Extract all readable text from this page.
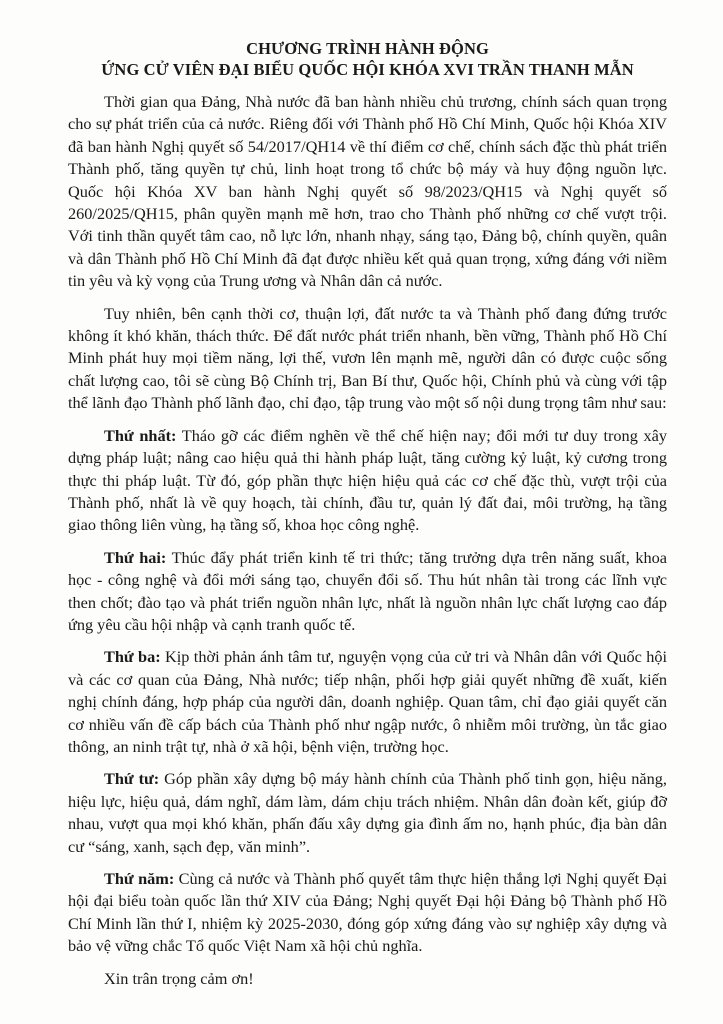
CHƯƠNG TRÌNH HÀNH ĐỘNG

ỨNG CỬ VIÊN ĐẠI BIỂU QUỐC HỘI KHÓA XVI TRẦN THANH MẪN

Thời gian qua Đảng, Nhà nước đã ban hành nhiều chủ trương, chính sách quan trọng cho sự phát triển của cả nước. Riêng đối với Thành phố Hồ Chí Minh, Quốc hội Khóa XIV đã ban hành Nghị quyết số 54/2017/QH14 về thí điểm cơ chế, chính sách đặc thù phát triển Thành phố, tăng quyền tự chủ, linh hoạt trong tổ chức bộ máy và huy động nguồn lực. Quốc hội Khóa XV ban hành Nghị quyết số 98/2023/QH15 và Nghị quyết số 260/2025/QH15, phân quyền mạnh mẽ hơn, trao cho Thành phố những cơ chế vượt trội. Với tinh thần quyết tâm cao, nỗ lực lớn, nhanh nhạy, sáng tạo, Đảng bộ, chính quyền, quân và dân Thành phố Hồ Chí Minh đã đạt được nhiều kết quả quan trọng, xứng đáng với niềm tin yêu và kỳ vọng của Trung ương và Nhân dân cả nước.

Tuy nhiên, bên cạnh thời cơ, thuận lợi, đất nước ta và Thành phố đang đứng trước không ít khó khăn, thách thức. Để đất nước phát triển nhanh, bền vững, Thành phố Hồ Chí Minh phát huy mọi tiềm năng, lợi thế, vươn lên mạnh mẽ, người dân có được cuộc sống chất lượng cao, tôi sẽ cùng Bộ Chính trị, Ban Bí thư, Quốc hội, Chính phủ và cùng với tập thể lãnh đạo Thành phố lãnh đạo, chỉ đạo, tập trung vào một số nội dung trọng tâm như sau:

Thứ nhất: Tháo gỡ các điểm nghẽn về thể chế hiện nay; đổi mới tư duy trong xây dựng pháp luật; nâng cao hiệu quả thi hành pháp luật, tăng cường kỷ luật, kỷ cương trong thực thi pháp luật. Từ đó, góp phần thực hiện hiệu quả các cơ chế đặc thù, vượt trội của Thành phố, nhất là về quy hoạch, tài chính, đầu tư, quản lý đất đai, môi trường, hạ tầng giao thông liên vùng, hạ tầng số, khoa học công nghệ.

Thứ hai: Thúc đẩy phát triển kinh tế tri thức; tăng trưởng dựa trên năng suất, khoa học - công nghệ và đổi mới sáng tạo, chuyển đổi số. Thu hút nhân tài trong các lĩnh vực then chốt; đào tạo và phát triển nguồn nhân lực, nhất là nguồn nhân lực chất lượng cao đáp ứng yêu cầu hội nhập và cạnh tranh quốc tế.

Thứ ba: Kịp thời phản ánh tâm tư, nguyện vọng của cử tri và Nhân dân với Quốc hội và các cơ quan của Đảng, Nhà nước; tiếp nhận, phối hợp giải quyết những đề xuất, kiến nghị chính đáng, hợp pháp của người dân, doanh nghiệp. Quan tâm, chỉ đạo giải quyết căn cơ nhiều vấn đề cấp bách của Thành phố như ngập nước, ô nhiễm môi trường, ùn tắc giao thông, an ninh trật tự, nhà ở xã hội, bệnh viện, trường học.

Thứ tư: Góp phần xây dựng bộ máy hành chính của Thành phố tinh gọn, hiệu năng, hiệu lực, hiệu quả, dám nghĩ, dám làm, dám chịu trách nhiệm. Nhân dân đoàn kết, giúp đỡ nhau, vượt qua mọi khó khăn, phấn đấu xây dựng gia đình ấm no, hạnh phúc, địa bàn dân cư “sáng, xanh, sạch đẹp, văn minh”.

Thứ năm: Cùng cả nước và Thành phố quyết tâm thực hiện thắng lợi Nghị quyết Đại hội đại biểu toàn quốc lần thứ XIV của Đảng; Nghị quyết Đại hội Đảng bộ Thành phố Hồ Chí Minh lần thứ I, nhiệm kỳ 2025-2030, đóng góp xứng đáng vào sự nghiệp xây dựng và bảo vệ vững chắc Tổ quốc Việt Nam xã hội chủ nghĩa.

Xin trân trọng cảm ơn!
